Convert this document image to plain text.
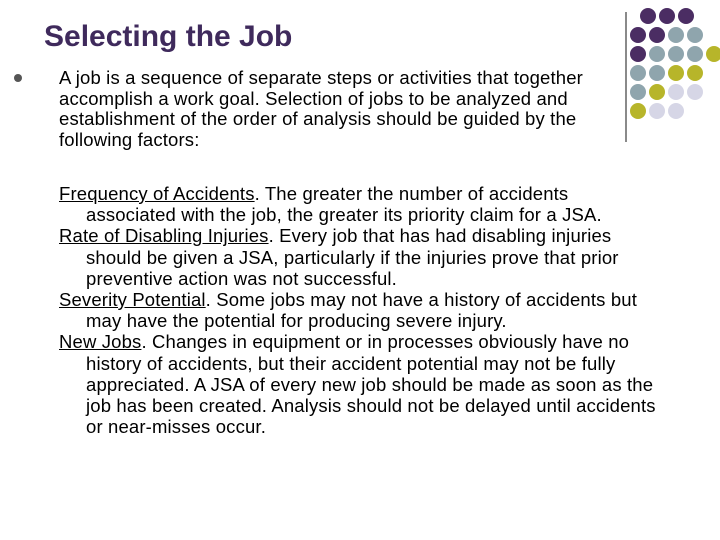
Selecting the Job

A job is a sequence of separate steps or activities that together accomplish a work goal. Selection of jobs to be analyzed and establishment of the order of analysis should be guided by the following factors:

Frequency of Accidents. The greater the number of accidents associated with the job, the greater its priority claim for a JSA.

Rate of Disabling Injuries. Every job that has had disabling injuries should be given a JSA, particularly if the injuries prove that prior preventive action was not successful.

Severity Potential. Some jobs may not have a history of accidents but may have the potential for producing severe injury.

New Jobs. Changes in equipment or in processes obviously have no history of accidents, but their accident potential may not be fully appreciated. A JSA of every new job should be made as soon as the job has been created. Analysis should not be delayed until accidents or near-misses occur.
